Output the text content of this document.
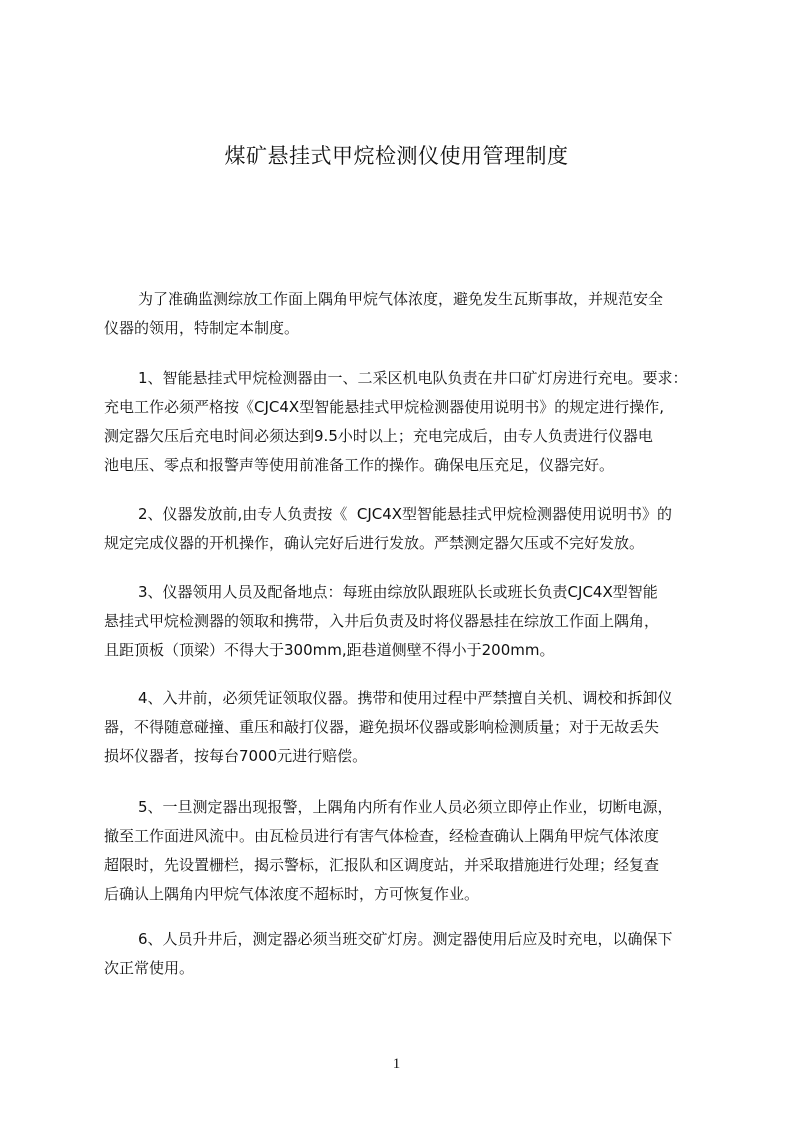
煤矿悬挂式甲烷检测仪使用管理制度

为了准确监测综放工作面上隅角甲烷气体浓度，避免发生瓦斯事故，并规范安全
仪器的领用，特制定本制度。

1、智能悬挂式甲烷检测器由一、二采区机电队负责在井口矿灯房进行充电。要求：
充电工作必须严格按《CJC4X型智能悬挂式甲烷检测器使用说明书》的规定进行操作,
测定器欠压后充电时间必须达到9.5小时以上；充电完成后，由专人负责进行仪器电
池电压、零点和报警声等使用前准备工作的操作。确保电压充足，仪器完好。

2、仪器发放前,由专人负责按《  CJC4X型智能悬挂式甲烷检测器使用说明书》的
规定完成仪器的开机操作，确认完好后进行发放。严禁测定器欠压或不完好发放。

3、仪器领用人员及配备地点：每班由综放队跟班队长或班长负责CJC4X型智能
悬挂式甲烷检测器的领取和携带，入井后负责及时将仪器悬挂在综放工作面上隅角，
且距顶板（顶梁）不得大于300mm,距巷道侧壁不得小于200mm。

4、入井前，必须凭证领取仪器。携带和使用过程中严禁擅自关机、调校和拆卸仪
器，不得随意碰撞、重压和敲打仪器，避免损坏仪器或影响检测质量；对于无故丢失
损坏仪器者，按每台7000元进行赔偿。

5、一旦测定器出现报警，上隅角内所有作业人员必须立即停止作业，切断电源，
撤至工作面进风流中。由瓦检员进行有害气体检查，经检查确认上隅角甲烷气体浓度
超限时，先设置栅栏，揭示警标，汇报队和区调度站，并采取措施进行处理；经复查
后确认上隅角内甲烷气体浓度不超标时，方可恢复作业。

6、人员升井后，测定器必须当班交矿灯房。测定器使用后应及时充电，以确保下
次正常使用。

1
